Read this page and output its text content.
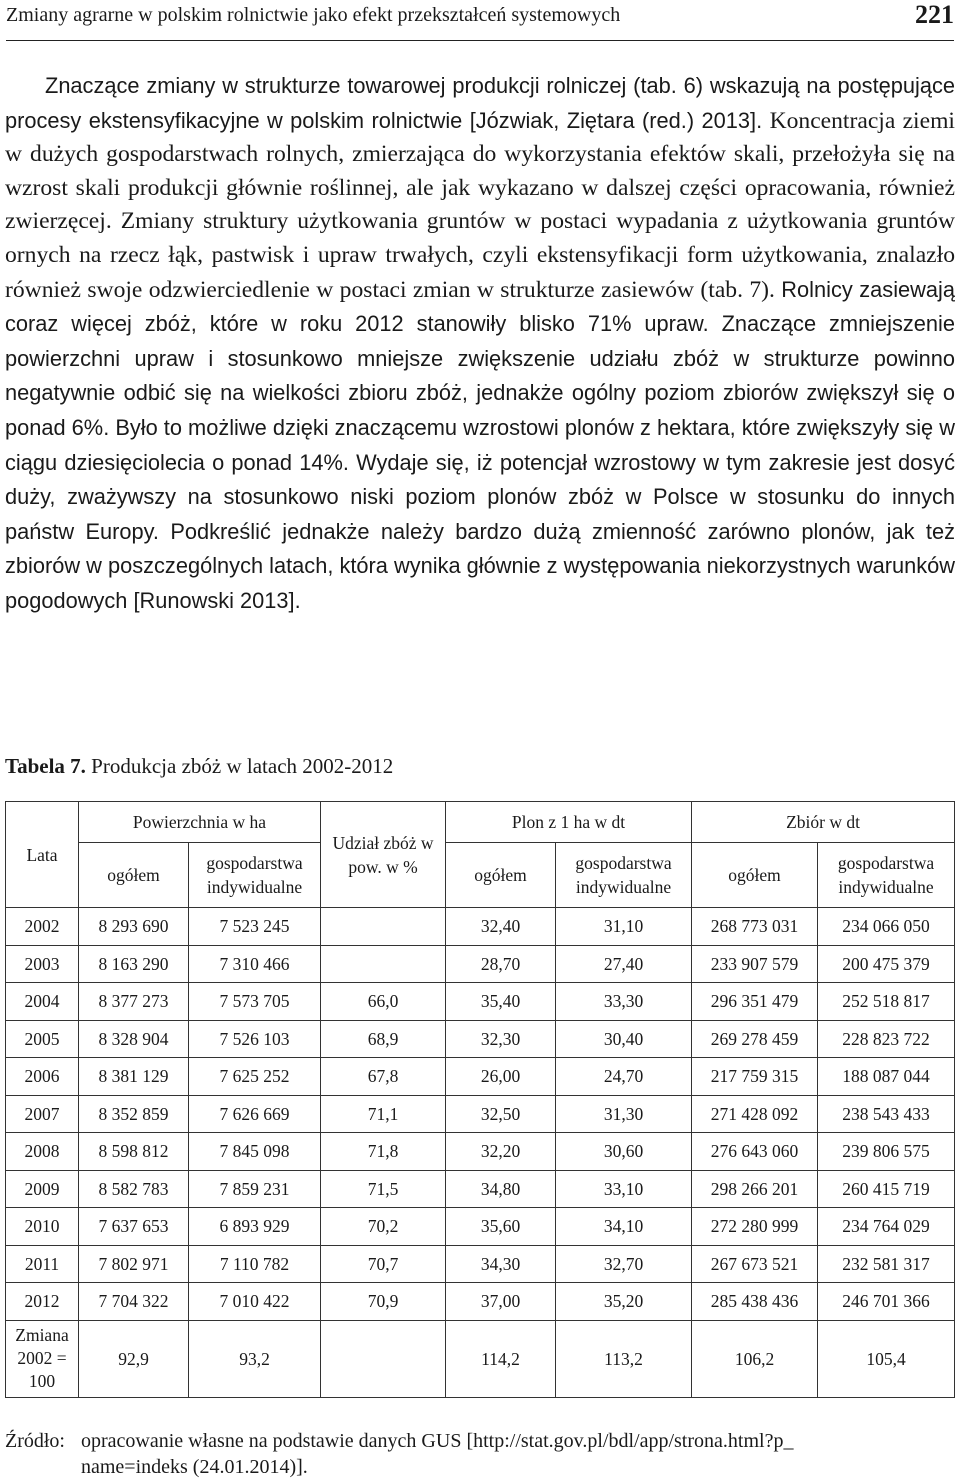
Zmiany agrarne w polskim rolnictwie jako efekt przekształceń systemowych	221

Znaczące zmiany w strukturze towarowej produkcji rolniczej (tab. 6) wskazują na postępujące procesy ekstensyfikacyjne w polskim rolnictwie [Józwiak, Ziętara (red.) 2013]. Koncentracja ziemi w dużych gospodarstwach rolnych, zmierzająca do wykorzystania efektów skali, przełożyła się na wzrost skali produkcji głównie roślinnej, ale jak wykazano w dalszej części opracowania, również zwierzęcej. Zmiany struktury użytkowania gruntów w postaci wypadania z użytkowania gruntów ornych na rzecz łąk, pastwisk i upraw trwałych, czyli ekstensyfikacji form użytkowania, znalazło również swoje odzwierciedlenie w postaci zmian w strukturze zasiewów (tab. 7). Rolnicy zasiewają coraz więcej zbóż, które w roku 2012 stanowiły blisko 71% upraw. Znaczące zmniejszenie powierzchni upraw i stosunkowo mniejsze zwiększenie udziału zbóż w strukturze powinno negatywnie odbić się na wielkości zbioru zbóż, jednakże ogólny poziom zbiorów zwiększył się o ponad 6%. Było to możliwe dzięki znaczącemu wzrostowi plonów z hektara, które zwiększyły się w ciągu dziesięciolecia o ponad 14%. Wydaje się, iż potencjał wzrostowy w tym zakresie jest dosyć duży, zważywszy na stosunkowo niski poziom plonów zbóż w Polsce w stosunku do innych państw Europy. Podkreślić jednakże należy bardzo dużą zmienność zarówno plonów, jak też zbiorów w poszczególnych latach, która wynika głównie z występowania niekorzystnych warunków pogodowych [Runowski 2013].

Tabela 7. Produkcja zbóż w latach 2002-2012
Lata	Powierzchnia w ha		Udział zbóż w pow. w %	Plon z 1 ha w dt		Zbiór w dt	
	ogółem	gospodarstwa indywidualne		ogółem	gospodarstwa indywidualne	ogółem	gospodarstwa indywidualne
2002	8 293 690	7 523 245		32,40	31,10	268 773 031	234 066 050
2003	8 163 290	7 310 466		28,70	27,40	233 907 579	200 475 379
2004	8 377 273	7 573 705	66,0	35,40	33,30	296 351 479	252 518 817
2005	8 328 904	7 526 103	68,9	32,30	30,40	269 278 459	228 823 722
2006	8 381 129	7 625 252	67,8	26,00	24,70	217 759 315	188 087 044
2007	8 352 859	7 626 669	71,1	32,50	31,30	271 428 092	238 543 433
2008	8 598 812	7 845 098	71,8	32,20	30,60	276 643 060	239 806 575
2009	8 582 783	7 859 231	71,5	34,80	33,10	298 266 201	260 415 719
2010	7 637 653	6 893 929	70,2	35,60	34,10	272 280 999	234 764 029
2011	7 802 971	7 110 782	70,7	34,30	32,70	267 673 521	232 581 317
2012	7 704 322	7 010 422	70,9	37,00	35,20	285 438 436	246 701 366
Zmiana 2002 = 100	92,9	93,2		114,2	113,2	106,2	105,4
Źródło: opracowanie własne na podstawie danych GUS [http://stat.gov.pl/bdl/app/strona.html?p_
name=indeks (24.01.2014)].
